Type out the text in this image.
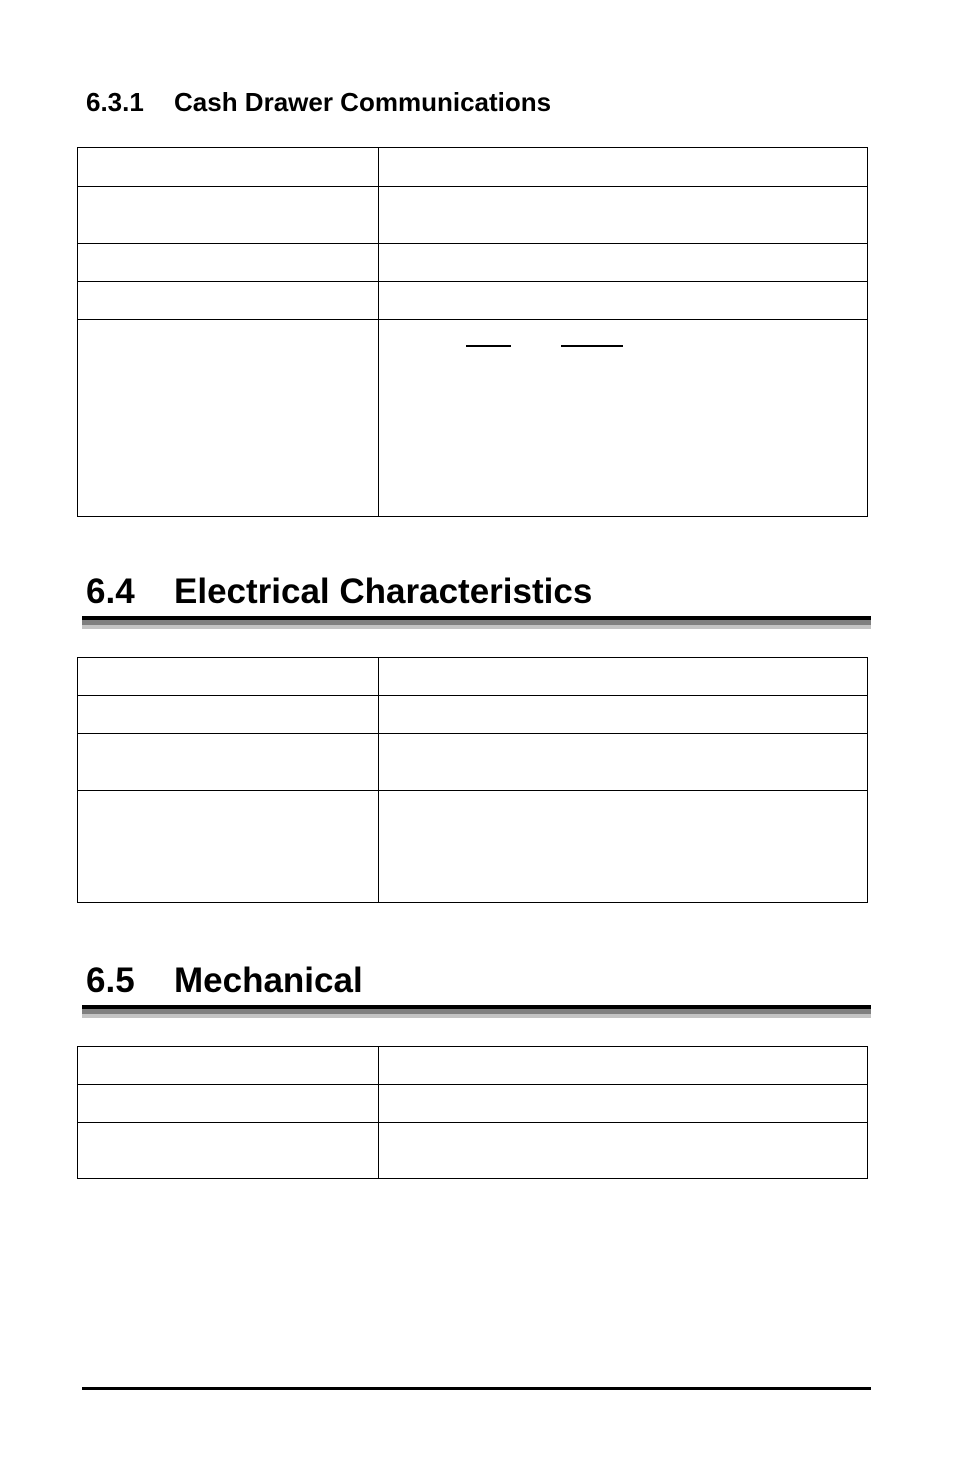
6.3.1 Cash Drawer Communications

6.4 Electrical Characteristics

6.5 Mechanical
